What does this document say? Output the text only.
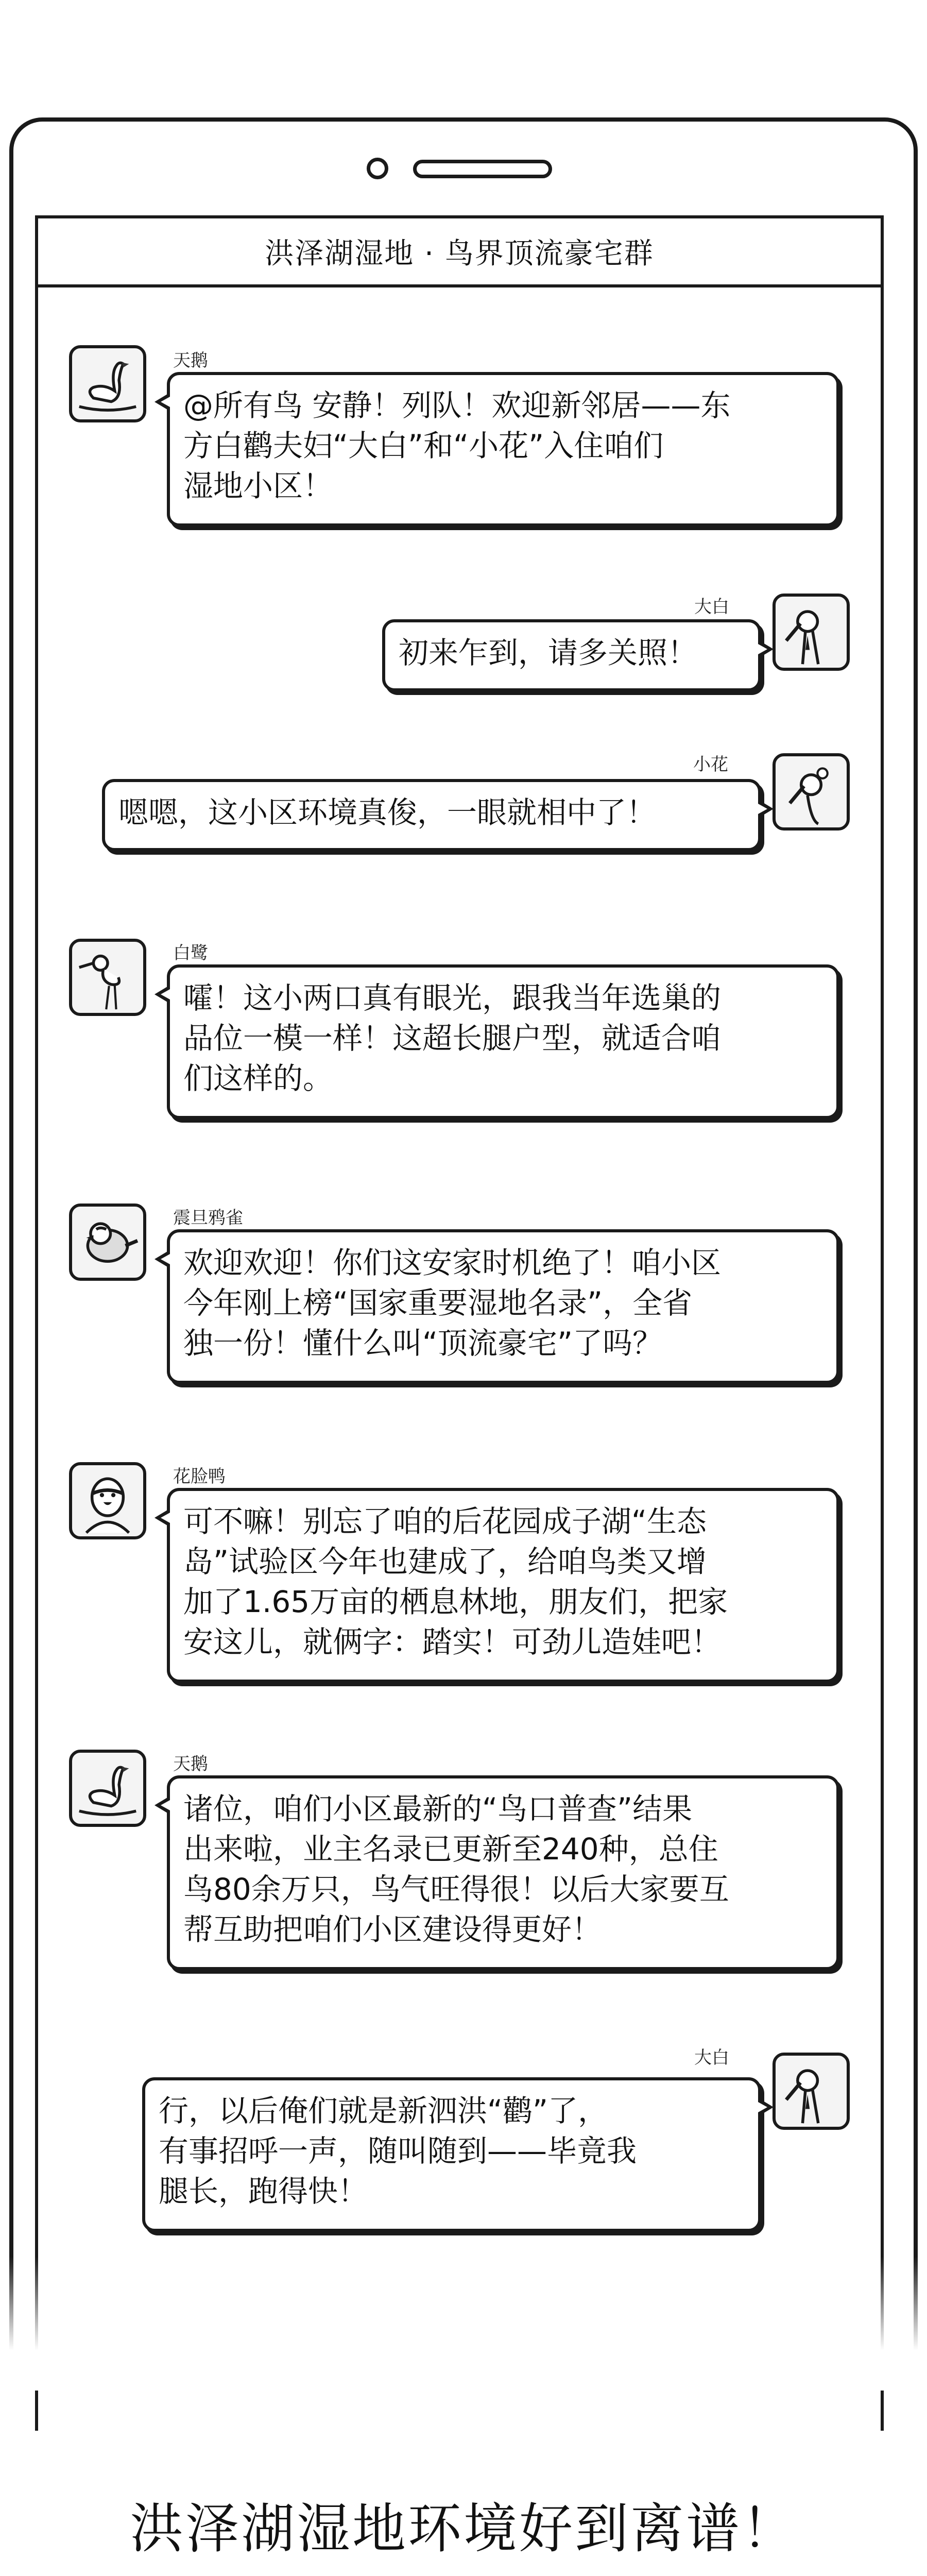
洪泽湖湿地 · 鸟界顶流豪宅群
天鹅
@所有鸟 安静！列队！欢迎新邻居——东
方白鹳夫妇“大白”和“小花”入住咱们
湿地小区！
大白
初来乍到，请多关照！
小花
嗯嗯，这小区环境真俊，一眼就相中了！
白鹭
嚯！这小两口真有眼光，跟我当年选巢的
品位一模一样！这超长腿户型，就适合咱
们这样的。
震旦鸦雀
欢迎欢迎！你们这安家时机绝了！咱小区
今年刚上榜“国家重要湿地名录”，全省
独一份！懂什么叫“顶流豪宅”了吗？
花脸鸭
可不嘛！别忘了咱的后花园成子湖“生态
岛”试验区今年也建成了，给咱鸟类又增
加了1.65万亩的栖息林地，朋友们，把家
安这儿，就俩字：踏实！可劲儿造娃吧！
天鹅
诸位，咱们小区最新的“鸟口普查”结果
出来啦，业主名录已更新至240种，总住
鸟80余万只，鸟气旺得很！以后大家要互
帮互助把咱们小区建设得更好！
大白
行，以后俺们就是新泗洪“鹳”了，
有事招呼一声，随叫随到——毕竟我
腿长，跑得快！
洪泽湖湿地环境好到离谱！
